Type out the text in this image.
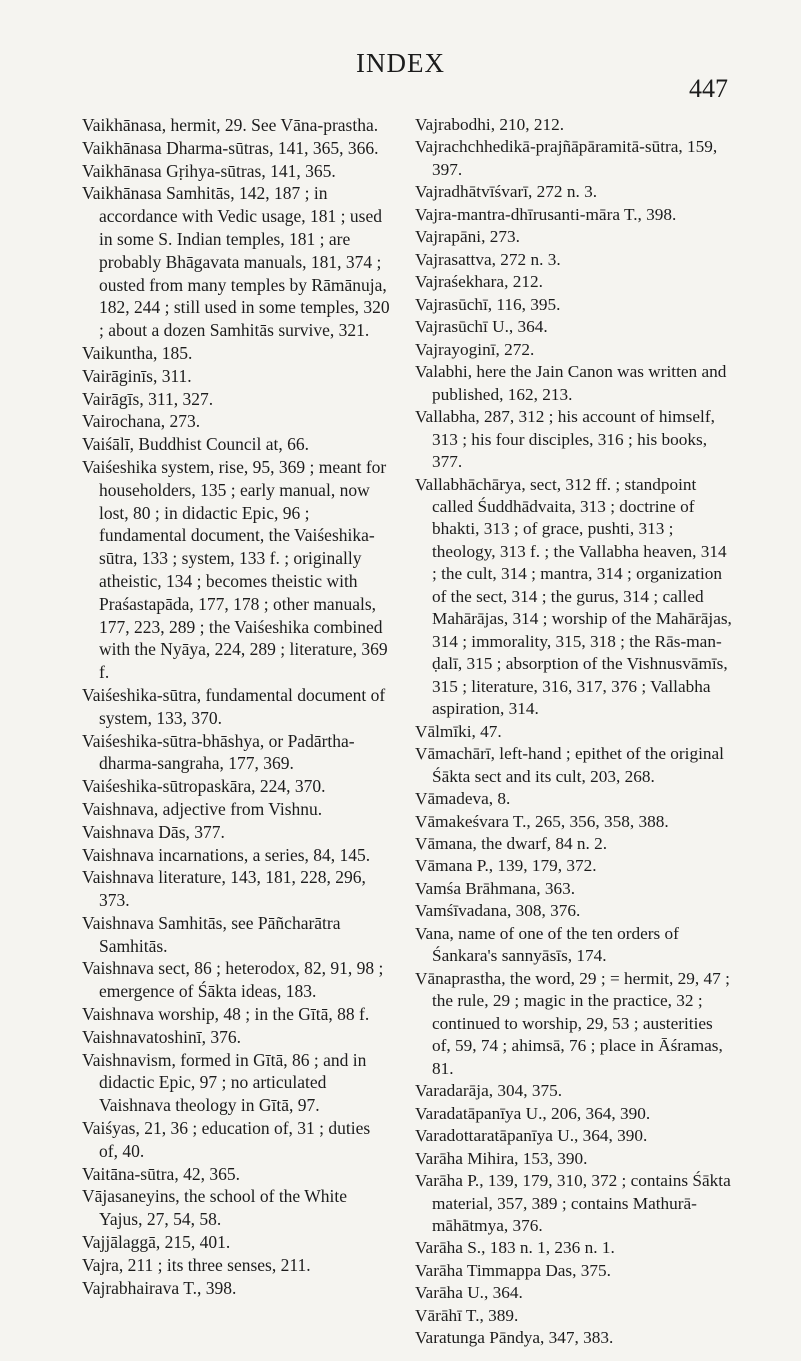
INDEX
447

Vaikhānasa, hermit, 29. See Vāna-prastha.

Vaikhānasa Dharma-sūtras, 141, 365, 366.

Vaikhānasa Gṛihya-sūtras, 141, 365.

Vaikhānasa Samhitās, 142, 187 ; in accordance with Vedic usage, 181 ; used in some S. Indian temples, 181 ; are probably Bhāgavata manuals, 181, 374 ; ousted from many temples by Rāmānuja, 182, 244 ; still used in some temples, 320 ; about a dozen Samhitās survive, 321.

Vaikuntha, 185.

Vairāginīs, 311.

Vairāgīs, 311, 327.

Vairochana, 273.

Vaiśālī, Buddhist Council at, 66.

Vaiśeshika system, rise, 95, 369 ; meant for householders, 135 ; early manual, now lost, 80 ; in didactic Epic, 96 ; fundamental document, the Vaiśeshika-sūtra, 133 ; system, 133 f. ; originally atheistic, 134 ; becomes theistic with Praśastapāda, 177, 178 ; other manuals, 177, 223, 289 ; the Vaiśeshika combined with the Nyāya, 224, 289 ; literature, 369 f.

Vaiśeshika-sūtra, fundamental document of system, 133, 370.

Vaiśeshika-sūtra-bhāshya, or Padārtha-dharma-sangraha, 177, 369.

Vaiśeshika-sūtropaskāra, 224, 370.

Vaishnava, adjective from Vishnu.

Vaishnava Dās, 377.

Vaishnava incarnations, a series, 84, 145.

Vaishnava literature, 143, 181, 228, 296, 373.

Vaishnava Samhitās, see Pāñcharātra Samhitās.

Vaishnava sect, 86 ; heterodox, 82, 91, 98 ; emergence of Śākta ideas, 183.

Vaishnava worship, 48 ; in the Gītā, 88 f.

Vaishnavatoshinī, 376.

Vaishnavism, formed in Gītā, 86 ; and in didactic Epic, 97 ; no articulated Vaishnava theology in Gītā, 97.

Vaiśyas, 21, 36 ; education of, 31 ; duties of, 40.

Vaitāna-sūtra, 42, 365.

Vājasaneyins, the school of the White Yajus, 27, 54, 58.

Vajjālaggā, 215, 401.

Vajra, 211 ; its three senses, 211.

Vajrabhairava T., 398.

Vajrabodhi, 210, 212.

Vajrachchhedikā-prajñāpāramitā-sūtra, 159, 397.

Vajradhātvīśvarī, 272 n. 3.

Vajra-mantra-dhīrusanti-māra T., 398.

Vajrapāni, 273.

Vajrasattva, 272 n. 3.

Vajraśekhara, 212.

Vajrasūchī, 116, 395.

Vajrasūchī U., 364.

Vajrayoginī, 272.

Valabhi, here the Jain Canon was written and published, 162, 213.

Vallabha, 287, 312 ; his account of himself, 313 ; his four disciples, 316 ; his books, 377.

Vallabhāchārya, sect, 312 ff. ; standpoint called Śuddhādvaita, 313 ; doctrine of bhakti, 313 ; of grace, pushti, 313 ; theology, 313 f. ; the Vallabha heaven, 314 ; the cult, 314 ; mantra, 314 ; organization of the sect, 314 ; the gurus, 314 ; called Mahārājas, 314 ; worship of the Mahārājas, 314 ; immorality, 315, 318 ; the Rās-man-ḍalī, 315 ; absorption of the Vishnusvāmīs, 315 ; literature, 316, 317, 376 ; Vallabha aspiration, 314.

Vālmīki, 47.

Vāmachārī, left-hand ; epithet of the original Śākta sect and its cult, 203, 268.

Vāmadeva, 8.

Vāmakeśvara T., 265, 356, 358, 388.

Vāmana, the dwarf, 84 n. 2.

Vāmana P., 139, 179, 372.

Vamśa Brāhmana, 363.

Vamśīvadana, 308, 376.

Vana, name of one of the ten orders of Śankara's sannyāsīs, 174.

Vānaprastha, the word, 29 ; = hermit, 29, 47 ; the rule, 29 ; magic in the practice, 32 ; continued to worship, 29, 53 ; austerities of, 59, 74 ; ahimsā, 76 ; place in Āśramas, 81.

Varadarāja, 304, 375.

Varadatāpanīya U., 206, 364, 390.

Varadottaratāpanīya U., 364, 390.

Varāha Mihira, 153, 390.

Varāha P., 139, 179, 310, 372 ; contains Śākta material, 357, 389 ; contains Mathurā-māhātmya, 376.

Varāha S., 183 n. 1, 236 n. 1.

Varāha Timmappa Das, 375.

Varāha U., 364.

Vārāhī T., 389.

Varatunga Pāndya, 347, 383.
